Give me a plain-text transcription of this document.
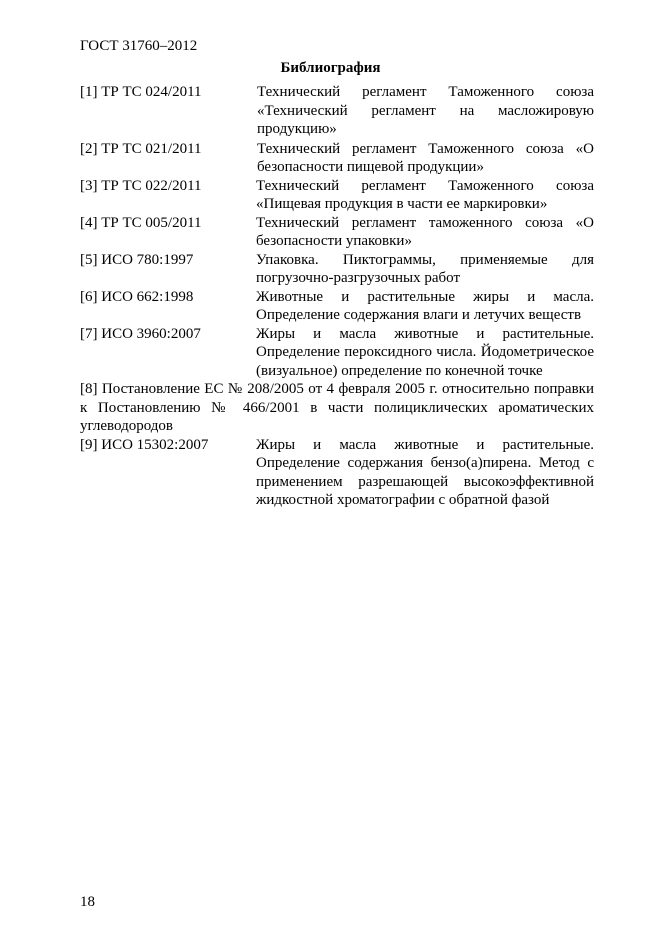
ГОСТ 31760–2012
Библиография
[1] ТР ТС 024/2011	Технический регламент Таможенного союза «Технический регламент на масложировую продукцию»
[2] ТР ТС 021/2011	Технический регламент Таможенного союза «О безопасности пищевой продукции»
[3] ТР ТС 022/2011	Технический регламент Таможенного союза «Пищевая продукция в части ее маркировки»
[4] ТР ТС 005/2011	Технический регламент таможенного союза «О безопасности упаковки»
[5] ИСО 780:1997	Упаковка. Пиктограммы, применяемые для погрузочно-разгрузочных работ
[6] ИСО 662:1998	Животные и растительные жиры и масла. Определение содержания влаги и летучих веществ
[7] ИСО 3960:2007	Жиры и масла животные и растительные. Определение пероксидного числа. Йодометрическое (визуальное) определение по конечной точке
[8] Постановление ЕС № 208/2005 от 4 февраля 2005 г. относительно поправки к Постановлению № 466/2001 в части полициклических ароматических углеводородов
[9] ИСО 15302:2007	Жиры и масла животные и растительные. Определение содержания бензо(а)пирена. Метод с применением разрешающей высокоэффективной жидкостной хроматографии с обратной фазой
18
